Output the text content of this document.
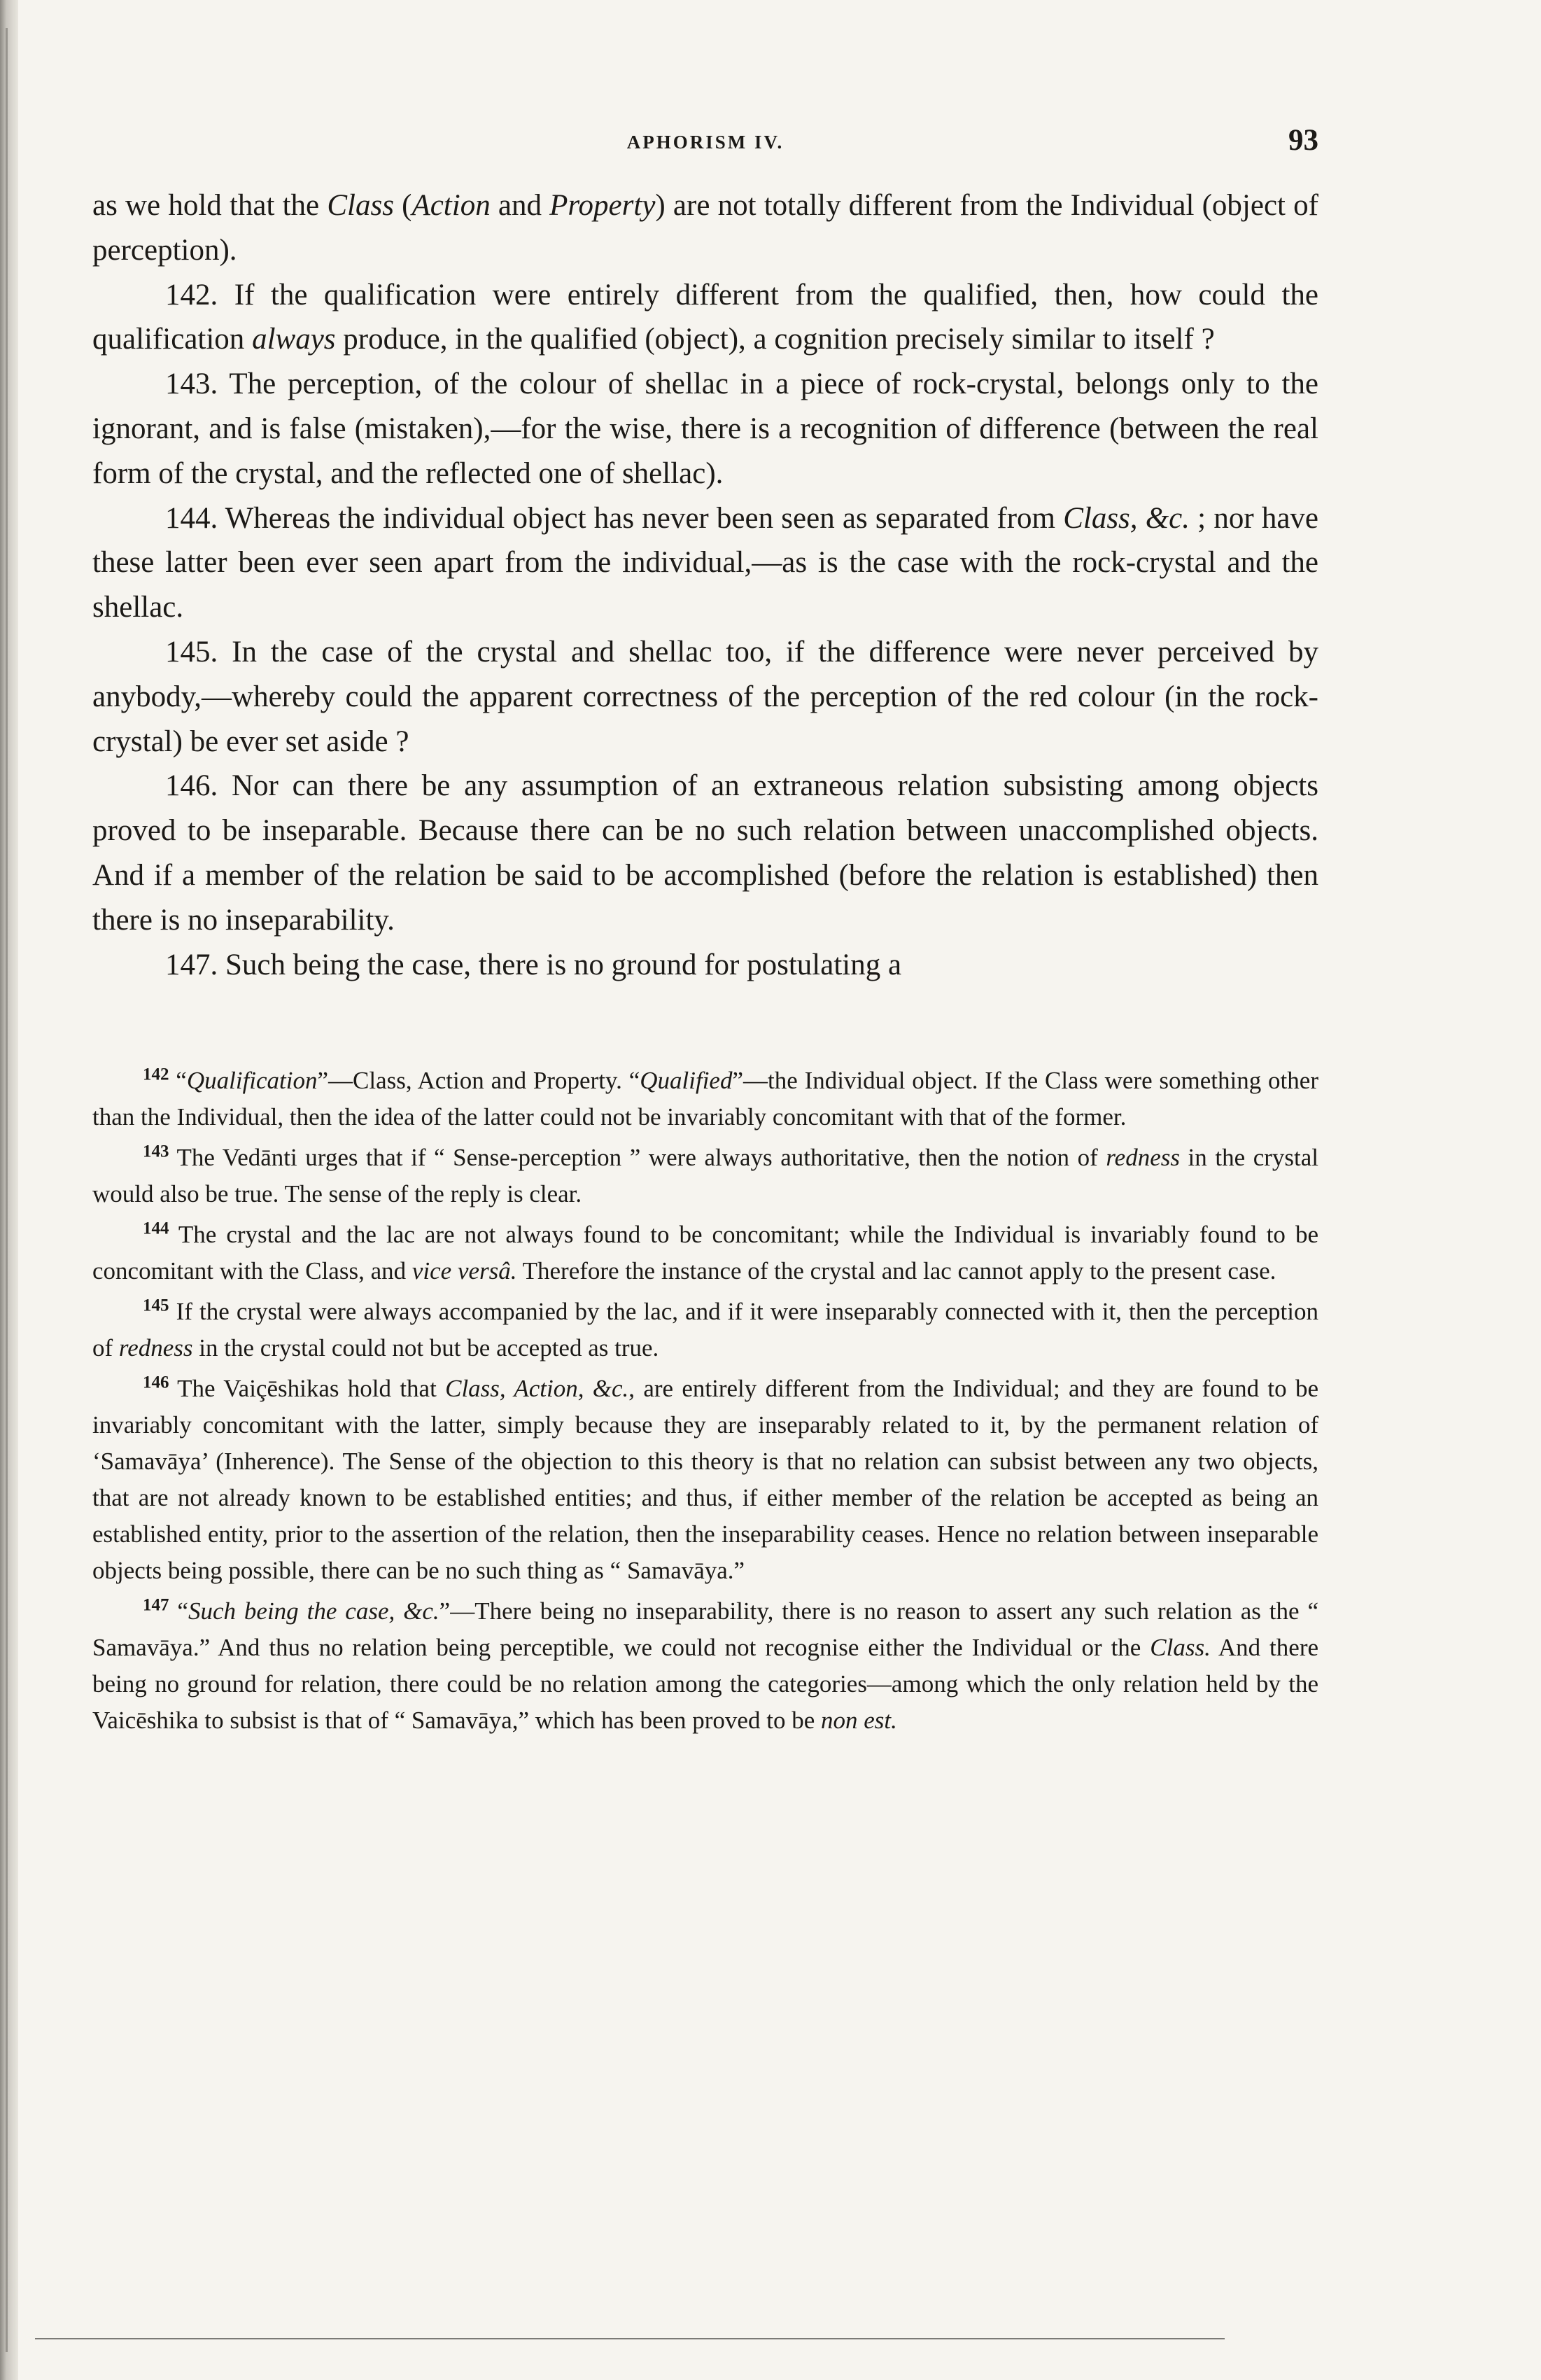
APHORISM IV.	93

as we hold that the Class (Action and Property) are not totally different from the Individual (object of perception).

142. If the qualification were entirely different from the qualified, then, how could the qualification always produce, in the qualified (object), a cognition precisely similar to itself ?

143. The perception, of the colour of shellac in a piece of rock-crystal, belongs only to the ignorant, and is false (mistaken),—for the wise, there is a recognition of difference (between the real form of the crystal, and the reflected one of shellac).

144. Whereas the individual object has never been seen as separated from Class, &c. ; nor have these latter been ever seen apart from the individual,—as is the case with the rock-crystal and the shellac.

145. In the case of the crystal and shellac too, if the difference were never perceived by anybody,—whereby could the apparent correctness of the perception of the red colour (in the rock-crystal) be ever set aside ?

146. Nor can there be any assumption of an extraneous relation subsisting among objects proved to be inseparable. Because there can be no such relation between unaccomplished objects. And if a member of the relation be said to be accomplished (before the relation is established) then there is no inseparability.

147. Such being the case, there is no ground for postulating a

$^{142}$ “Qualification”—Class, Action and Property. “Qualified”—the Individual object. If the Class were something other than the Individual, then the idea of the latter could not be invariably concomitant with that of the former.

$^{143}$ The Vedānti urges that if “ Sense-perception ” were always authoritative, then the notion of redness in the crystal would also be true. The sense of the reply is clear.

$^{144}$ The crystal and the lac are not always found to be concomitant; while the Individual is invariably found to be concomitant with the Class, and vice versâ. Therefore the instance of the crystal and lac cannot apply to the present case.

$^{145}$ If the crystal were always accompanied by the lac, and if it were inseparably connected with it, then the perception of redness in the crystal could not but be accepted as true.

$^{146}$ The Vaiçēshikas hold that Class, Action, &c., are entirely different from the Individual; and they are found to be invariably concomitant with the latter, simply because they are inseparably related to it, by the permanent relation of ‘Samavāya’ (Inherence). The Sense of the objection to this theory is that no relation can subsist between any two objects, that are not already known to be established entities; and thus, if either member of the relation be accepted as being an established entity, prior to the assertion of the relation, then the inseparability ceases. Hence no relation between inseparable objects being possible, there can be no such thing as “ Samavāya.”

$^{147}$ “Such being the case, &c.”—There being no inseparability, there is no reason to assert any such relation as the “ Samavāya.” And thus no relation being perceptible, we could not recognise either the Individual or the Class. And there being no ground for relation, there could be no relation among the categories—among which the only relation held by the Vaicēshika to subsist is that of “ Samavāya,” which has been proved to be non est.
